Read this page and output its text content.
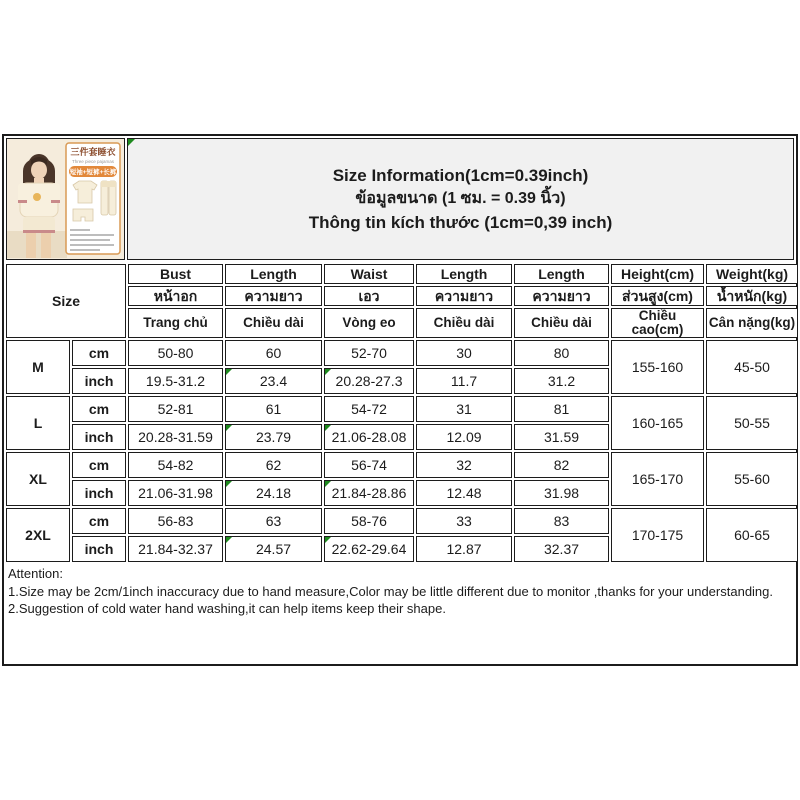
三件套睡衣
Three piece pajamas
短袖+短裤+长裤	Size Information(1cm=0.39inch)
ข้อมูลขนาด (1 ซม. = 0.39 นิ้ว)
Thông tin kích thước (1cm=0,39 inch)
Size		Bust	Length	Waist	Length	Length	Height(cm)	Weight(kg)
		หน้าอก	ความยาว	เอว	ความยาว	ความยาว	ส่วนสูง(cm)	น้ำหนัก(kg)
		Trang chủ	Chiều dài	Vòng eo	Chiều dài	Chiều dài	Chiều cao(cm)	Cân nặng(kg)
M	cm	50-80	60	52-70	30	80	155-160	45-50
	inch	19.5-31.2	23.4	20.28-27.3	11.7	31.2		
L	cm	52-81	61	54-72	31	81	160-165	50-55
	inch	20.28-31.59	23.79	21.06-28.08	12.09	31.59		
XL	cm	54-82	62	56-74	32	82	165-170	55-60
	inch	21.06-31.98	24.18	21.84-28.86	12.48	31.98		
2XL	cm	56-83	63	58-76	33	83	170-175	60-65
	inch	21.84-32.37	24.57	22.62-29.64	12.87	32.37		
Attention:
1.Size may be 2cm/1inch inaccuracy due to hand measure,Color may be little different due to monitor ,thanks for your understanding.
2.Suggestion of cold water hand washing,it can help items keep their shape.
